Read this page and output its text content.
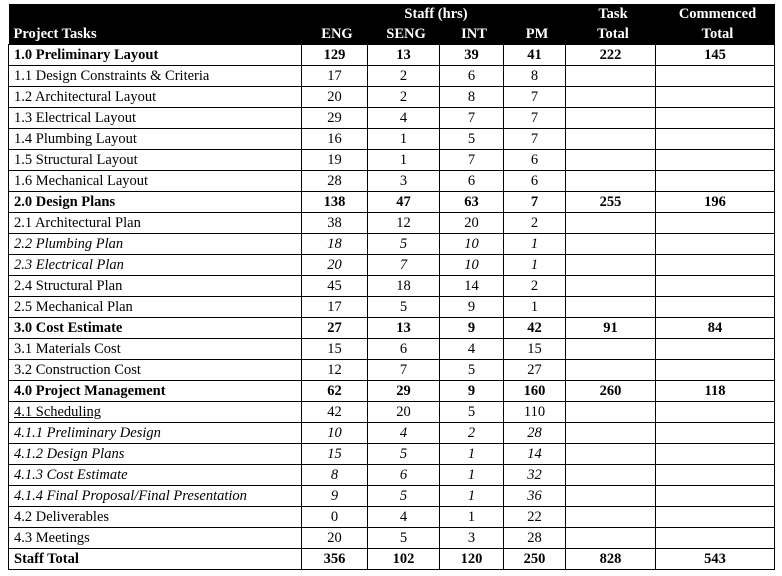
	Staff (hrs)				Task	Commenced
Project Tasks	ENG	SENG	INT	PM	Total	Total
1.0 Preliminary Layout	129	13	39	41	222	145
1.1 Design Constraints & Criteria	17	2	6	8		
1.2 Architectural Layout	20	2	8	7		
1.3 Electrical Layout	29	4	7	7		
1.4 Plumbing Layout	16	1	5	7		
1.5 Structural Layout	19	1	7	6		
1.6 Mechanical Layout	28	3	6	6		
2.0 Design Plans	138	47	63	7	255	196
2.1 Architectural Plan	38	12	20	2		
2.2 Plumbing Plan	18	5	10	1		
2.3 Electrical Plan	20	7	10	1		
2.4 Structural Plan	45	18	14	2		
2.5 Mechanical Plan	17	5	9	1		
3.0 Cost Estimate	27	13	9	42	91	84
3.1 Materials Cost	15	6	4	15		
3.2 Construction Cost	12	7	5	27		
4.0 Project Management	62	29	9	160	260	118
4.1 Scheduling	42	20	5	110		
4.1.1 Preliminary Design	10	4	2	28		
4.1.2 Design Plans	15	5	1	14		
4.1.3 Cost Estimate	8	6	1	32		
4.1.4 Final Proposal/Final Presentation	9	5	1	36		
4.2 Deliverables	0	4	1	22		
4.3 Meetings	20	5	3	28		
Staff Total	356	102	120	250	828	543
